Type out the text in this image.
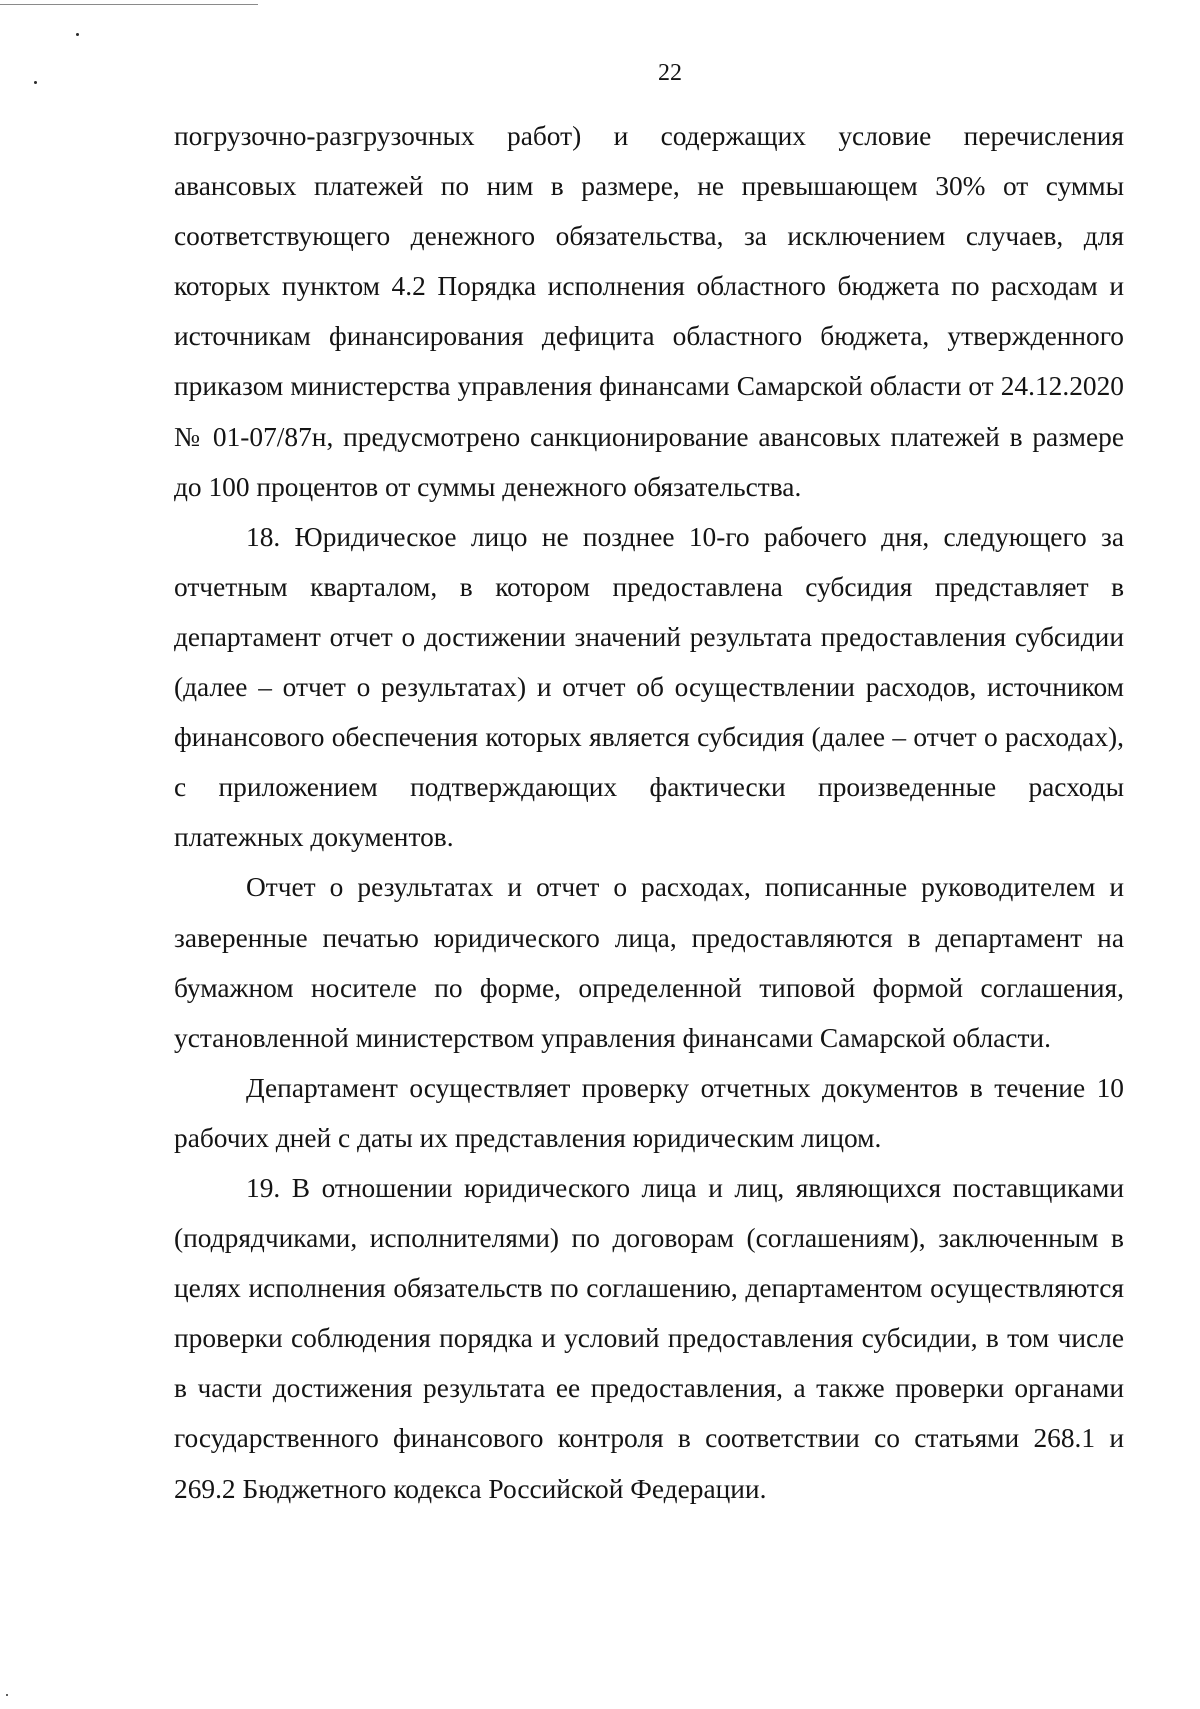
22

погрузочно-разгрузочных работ) и содержащих условие перечисления авансовых платежей по ним в размере, не превышающем 30% от суммы соответствующего денежного обязательства, за исключением случаев, для которых пунктом 4.2 Порядка исполнения областного бюджета по расходам и источникам финансирования дефицита областного бюджета, утвержденного приказом министерства управления финансами Самарской области от 24.12.2020 № 01-07/87н, предусмотрено санкционирование авансовых платежей в размере до 100 процентов от суммы денежного обязательства.

18. Юридическое лицо не позднее 10-го рабочего дня, следующего за отчетным кварталом, в котором предоставлена субсидия представляет в департамент отчет о достижении значений результата предоставления субсидии (далее – отчет о результатах) и отчет об осуществлении расходов, источником финансового обеспечения которых является субсидия (далее – отчет о расходах), с приложением подтверждающих фактически произведенные расходы платежных документов.

Отчет о результатах и отчет о расходах, пописанные руководителем и заверенные печатью юридического лица, предоставляются в департамент на бумажном носителе по форме, определенной типовой формой соглашения, установленной министерством управления финансами Самарской области.

Департамент осуществляет проверку отчетных документов в течение 10 рабочих дней с даты их представления юридическим лицом.

19. В отношении юридического лица и лиц, являющихся поставщиками (подрядчиками, исполнителями) по договорам (соглашениям), заключенным в целях исполнения обязательств по соглашению, департаментом осуществляются проверки соблюдения порядка и условий предоставления субсидии, в том числе в части достижения результата ее предоставления, а также проверки органами государственного финансового контроля в соответствии со статьями 268.1 и 269.2 Бюджетного кодекса Российской Федерации.
